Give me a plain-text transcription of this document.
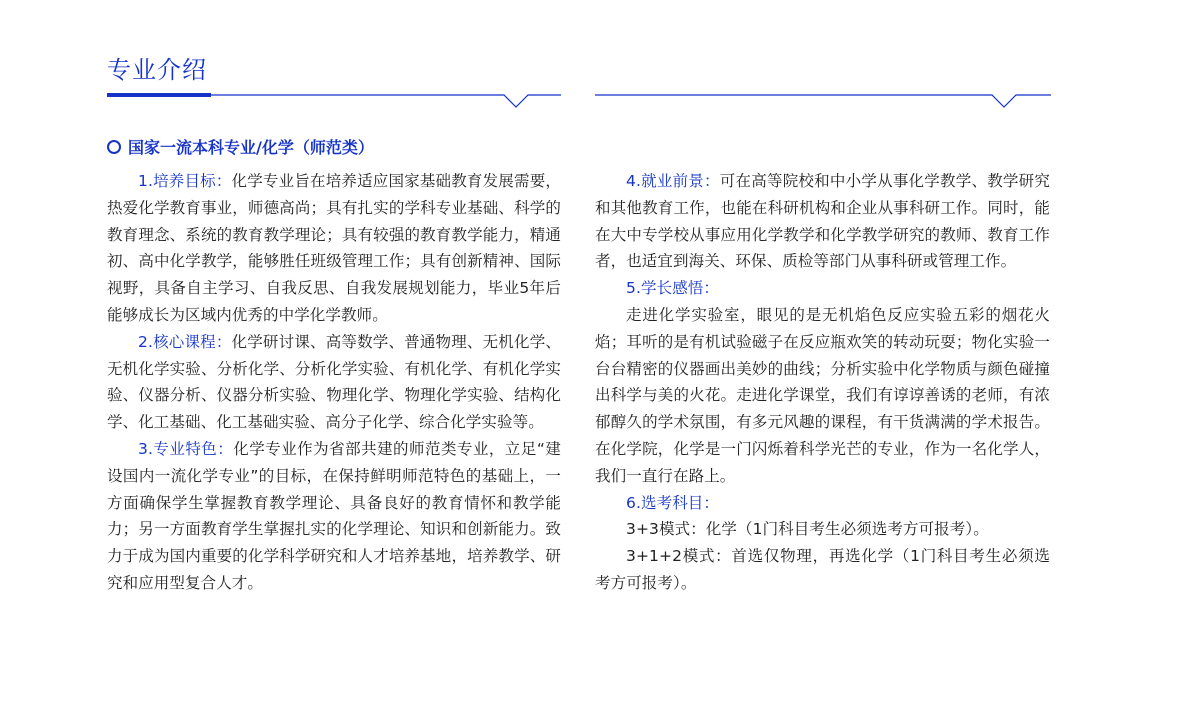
专业介绍
国家一流本科专业/化学（师范类）

1.培养目标：化学专业旨在培养适应国家基础教育发展需要，热爱化学教育事业，师德高尚；具有扎实的学科专业基础、科学的教育理念、系统的教育教学理论；具有较强的教育教学能力，精通初、高中化学教学，能够胜任班级管理工作；具有创新精神、国际视野，具备自主学习、自我反思、自我发展规划能力，毕业5年后能够成长为区域内优秀的中学化学教师。

2.核心课程：化学研讨课、高等数学、普通物理、无机化学、无机化学实验、分析化学、分析化学实验、有机化学、有机化学实验、仪器分析、仪器分析实验、物理化学、物理化学实验、结构化学、化工基础、化工基础实验、高分子化学、综合化学实验等。

3.专业特色：化学专业作为省部共建的师范类专业，立足“建设国内一流化学专业”的目标，在保持鲜明师范特色的基础上，一方面确保学生掌握教育教学理论、具备良好的教育情怀和教学能力；另一方面教育学生掌握扎实的化学理论、知识和创新能力。致力于成为国内重要的化学科学研究和人才培养基地，培养教学、研究和应用型复合人才。

4.就业前景：可在高等院校和中小学从事化学教学、教学研究和其他教育工作，也能在科研机构和企业从事科研工作。同时，能在大中专学校从事应用化学教学和化学教学研究的教师、教育工作者，也适宜到海关、环保、质检等部门从事科研或管理工作。

5.学长感悟：

走进化学实验室，眼见的是无机焰色反应实验五彩的烟花火焰；耳听的是有机试验磁子在反应瓶欢笑的转动玩耍；物化实验一台台精密的仪器画出美妙的曲线；分析实验中化学物质与颜色碰撞出科学与美的火花。走进化学课堂，我们有谆谆善诱的老师，有浓郁醇久的学术氛围，有多元风趣的课程，有干货满满的学术报告。在化学院，化学是一门闪烁着科学光芒的专业，作为一名化学人，我们一直行在路上。

6.选考科目：

3+3模式：化学（1门科目考生必须选考方可报考）。

3+1+2模式：首选仅物理，再选化学（1门科目考生必须选考方可报考）。
